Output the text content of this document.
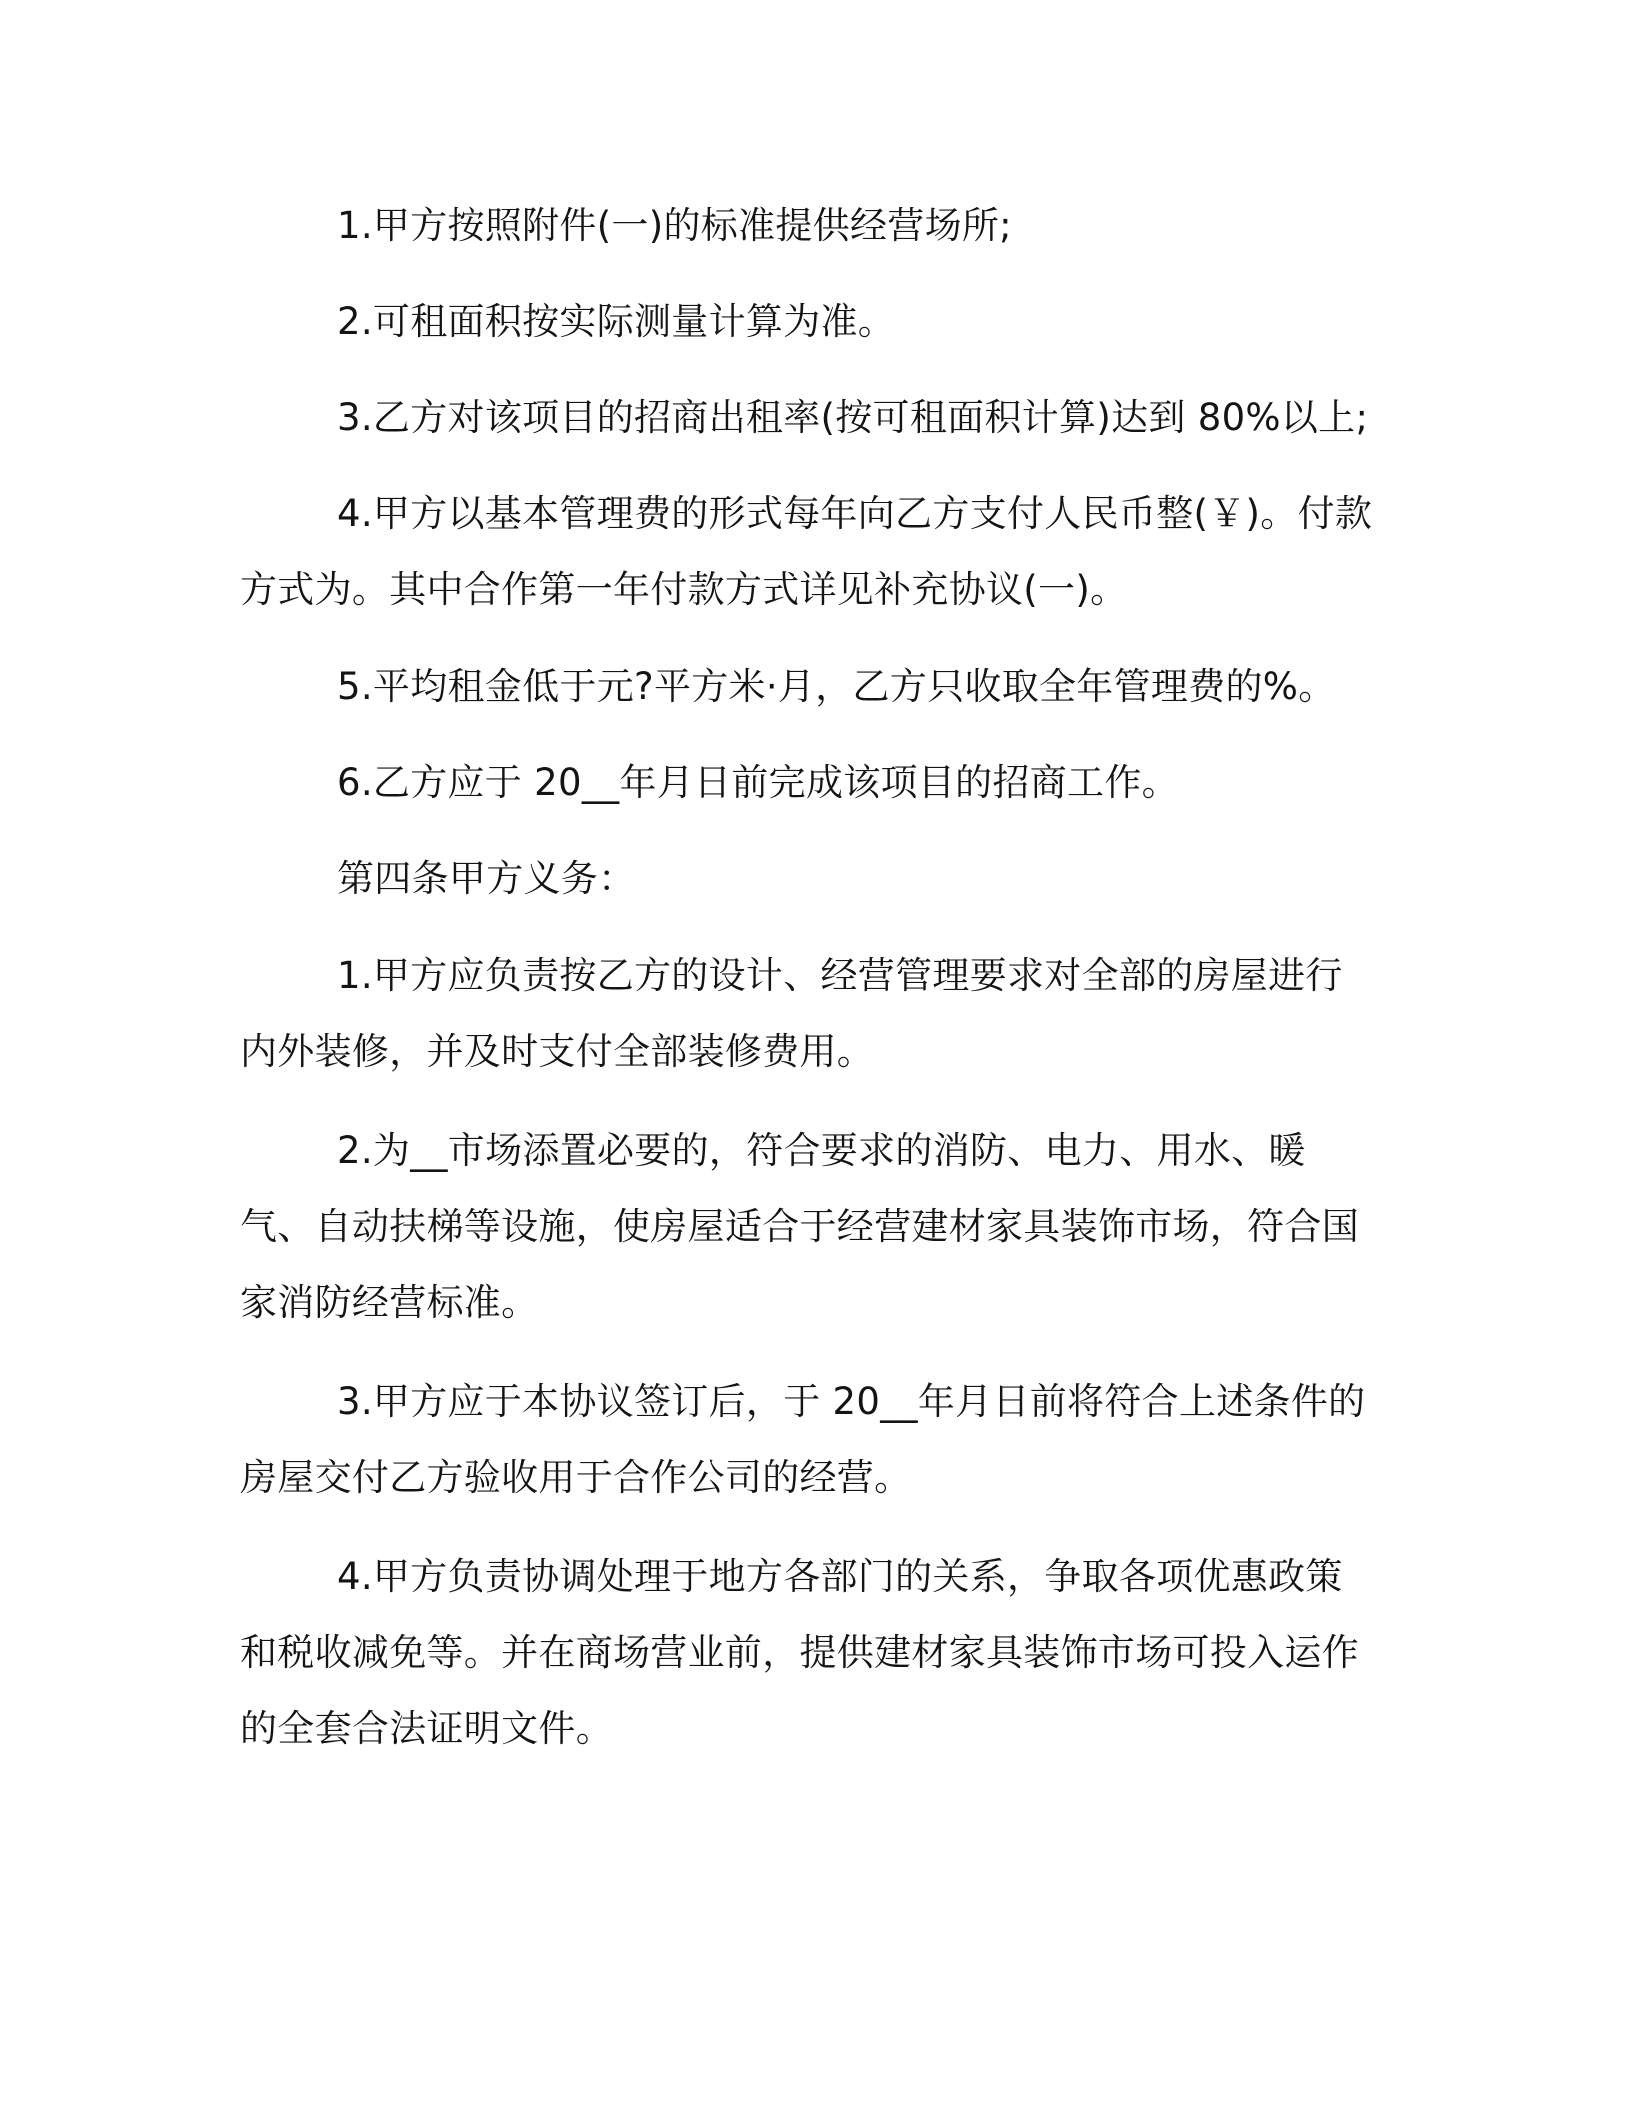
1.甲方按照附件(一)的标准提供经营场所;

2.可租面积按实际测量计算为准。

3.乙方对该项目的招商出租率(按可租面积计算)达到 80%以上;

4.甲方以基本管理费的形式每年向乙方支付人民币整(￥)。付款方式为。其中合作第一年付款方式详见补充协议(一)。

5.平均租金低于元?平方米·月，乙方只收取全年管理费的%。

6.乙方应于 20__年月日前完成该项目的招商工作。

第四条甲方义务：

1.甲方应负责按乙方的设计、经营管理要求对全部的房屋进行内外装修，并及时支付全部装修费用。

2.为__市场添置必要的，符合要求的消防、电力、用水、暖气、自动扶梯等设施，使房屋适合于经营建材家具装饰市场，符合国家消防经营标准。

3.甲方应于本协议签订后，于 20__年月日前将符合上述条件的房屋交付乙方验收用于合作公司的经营。

4.甲方负责协调处理于地方各部门的关系，争取各项优惠政策和税收减免等。并在商场营业前，提供建材家具装饰市场可投入运作的全套合法证明文件。
